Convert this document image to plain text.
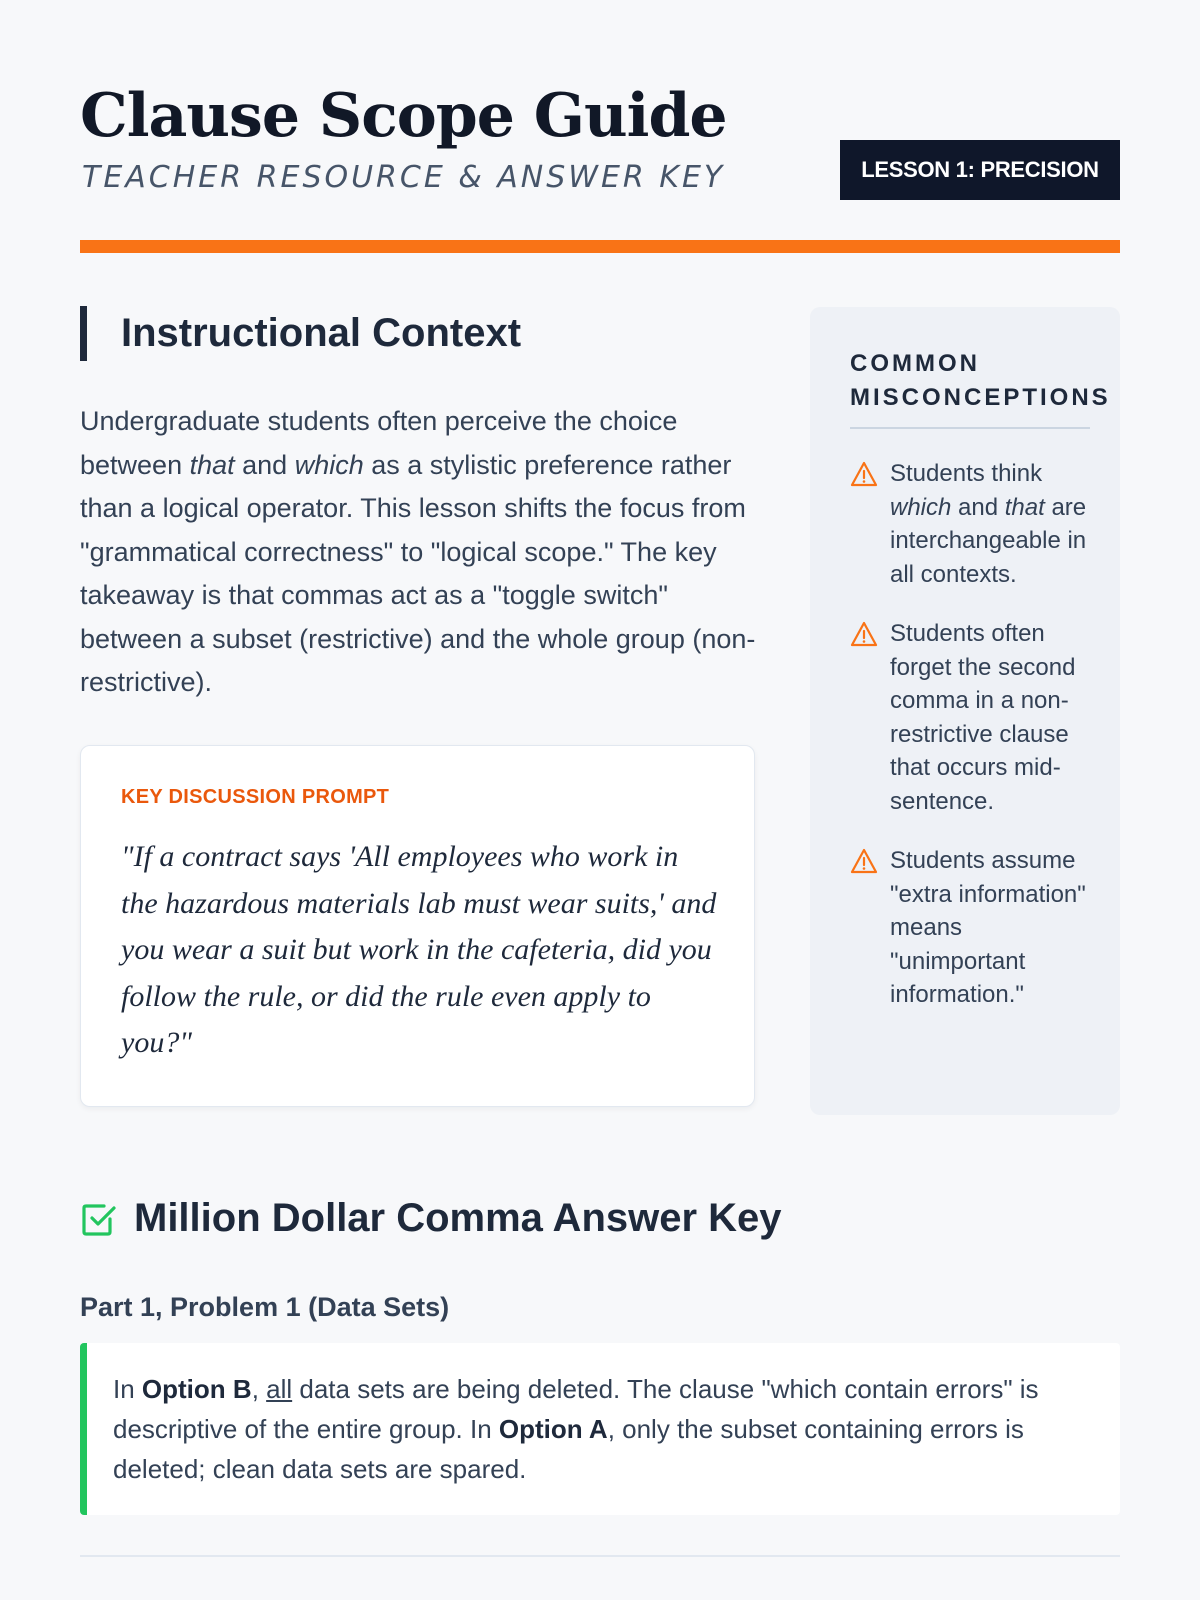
Clause Scope Guide

TEACHER RESOURCE & ANSWER KEY	LESSON 1: PRECISION
Instructional Context

Undergraduate students often perceive the choice between that and which as a stylistic preference rather than a logical operator. This lesson shifts the focus from "grammatical correctness" to "logical scope." The key takeaway is that commas act as a "toggle switch" between a subset (restrictive) and the whole group (non-restrictive).

KEY DISCUSSION PROMPT

"If a contract says 'All employees who work in the hazardous materials lab must wear suits,' and you wear a suit but work in the cafeteria, did you follow the rule, or did the rule even apply to you?"

COMMON MISCONCEPTIONS
Students think which and that are interchangeable in all contexts.
Students often forget the second comma in a non-restrictive clause that occurs mid-sentence.
Students assume "extra information" means "unimportant information."
Million Dollar Comma Answer Key
Part 1, Problem 1 (Data Sets)

In Option B, all data sets are being deleted. The clause "which contain errors" is descriptive of the entire group. In Option A, only the subset containing errors is deleted; clean data sets are spared.
